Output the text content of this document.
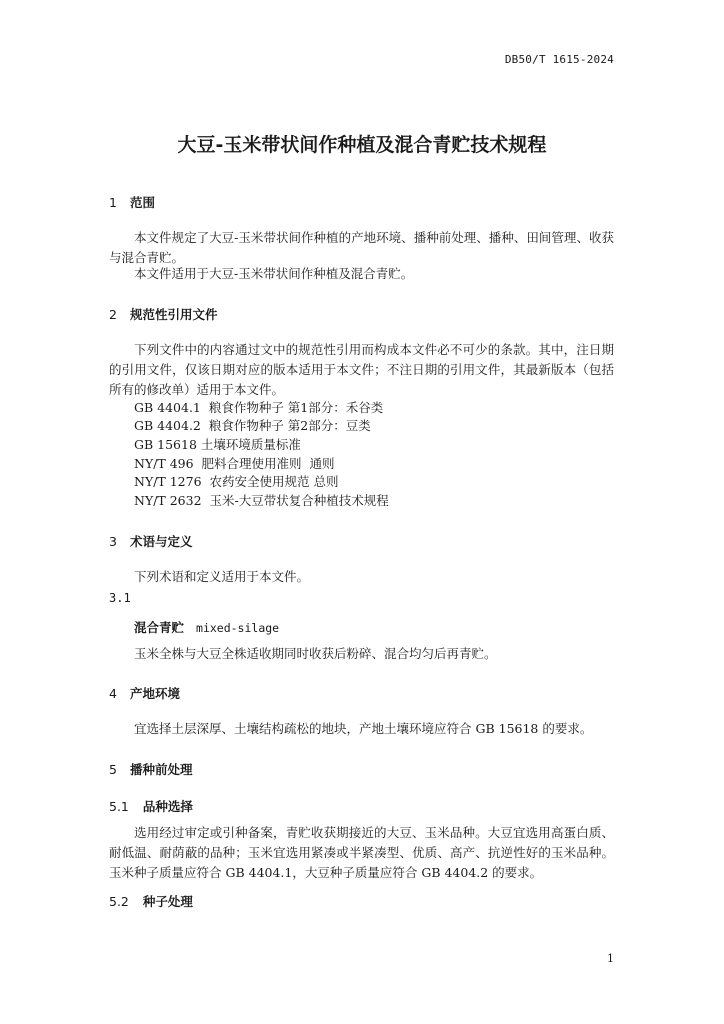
DB50/T 1615-2024
大豆-玉米带状间作种植及混合青贮技术规程
1 范围
本文件规定了大豆-玉米带状间作种植的产地环境、播种前处理、播种、田间管理、收获与混合青贮。
本文件适用于大豆-玉米带状间作种植及混合青贮。
2 规范性引用文件
下列文件中的内容通过文中的规范性引用而构成本文件必不可少的条款。其中，注日期的引用文件，仅该日期对应的版本适用于本文件；不注日期的引用文件，其最新版本（包括所有的修改单）适用于本文件。
GB 4404.1  粮食作物种子 第1部分：禾谷类
GB 4404.2  粮食作物种子 第2部分：豆类
GB 15618 土壤环境质量标准
NY/T 496  肥料合理使用准则  通则
NY/T 1276  农药安全使用规范 总则
NY/T 2632  玉米-大豆带状复合种植技术规程
3 术语与定义
下列术语和定义适用于本文件。
3.1
混合青贮 mixed-silage
玉米全株与大豆全株适收期同时收获后粉碎、混合均匀后再青贮。
4 产地环境
宜选择土层深厚、土壤结构疏松的地块，产地土壤环境应符合 GB 15618 的要求。
5 播种前处理
5.1 品种选择
选用经过审定或引种备案，青贮收获期接近的大豆、玉米品种。大豆宜选用高蛋白质、耐低温、耐荫蔽的品种；玉米宜选用紧凑或半紧凑型、优质、高产、抗逆性好的玉米品种。玉米种子质量应符合 GB 4404.1，大豆种子质量应符合 GB 4404.2 的要求。
5.2 种子处理
1
